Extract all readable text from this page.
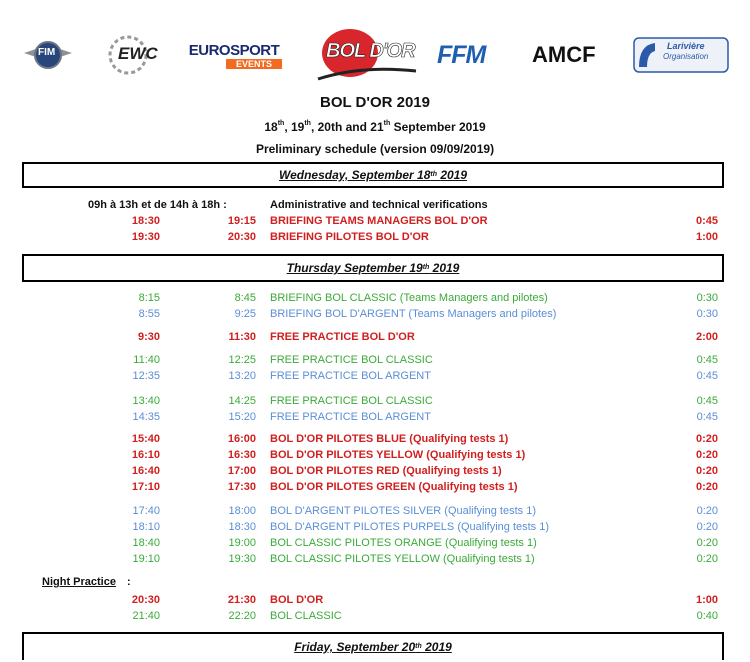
FIM	EWC EUROSPORT
EVENTS
BOL D'OR FFM AMCF	Larivière
Organisation
BOL D'OR 2019
18th, 19th, 20th and 21th September 2019
Preliminary schedule (version 09/09/2019)
Wednesday, September 18th 2019
09h à 13h et de 14h à 18h :	Administrative and technical verifications
18:30	19:15 BRIEFING TEAMS MANAGERS BOL D'OR	0:45
19:30	20:30 BRIEFING PILOTES BOL D'OR	1:00
Thursday September 19th 2019
8:15	8:45 BRIEFING BOL CLASSIC (Teams Managers and pilotes)	0:30
8:55	9:25 BRIEFING BOL D'ARGENT (Teams Managers and pilotes)	0:30
9:30	11:30 FREE PRACTICE BOL D'OR	2:00
11:40	12:25 FREE PRACTICE BOL CLASSIC	0:45
12:35	13:20 FREE PRACTICE BOL ARGENT	0:45
13:40	14:25 FREE PRACTICE BOL CLASSIC	0:45
14:35	15:20 FREE PRACTICE BOL ARGENT	0:45
15:40	16:00 BOL D'OR PILOTES BLUE (Qualifying tests 1)	0:20
16:10	16:30 BOL D'OR PILOTES YELLOW (Qualifying tests 1)	0:20
16:40	17:00 BOL D'OR PILOTES RED (Qualifying tests 1)	0:20
17:10	17:30 BOL D'OR PILOTES GREEN (Qualifying tests 1)	0:20
17:40	18:00 BOL D'ARGENT PILOTES SILVER (Qualifying tests 1)	0:20
18:10	18:30 BOL D'ARGENT PILOTES PURPELS (Qualifying tests 1)	0:20
18:40	19:00 BOL CLASSIC PILOTES ORANGE (Qualifying tests 1)	0:20
19:10	19:30 BOL CLASSIC PILOTES YELLOW (Qualifying tests 1)	0:20
Night Practice :
20:30	21:30 BOL D'OR	1:00
21:40	22:20 BOL CLASSIC	0:40
Friday, September 20th 2019
